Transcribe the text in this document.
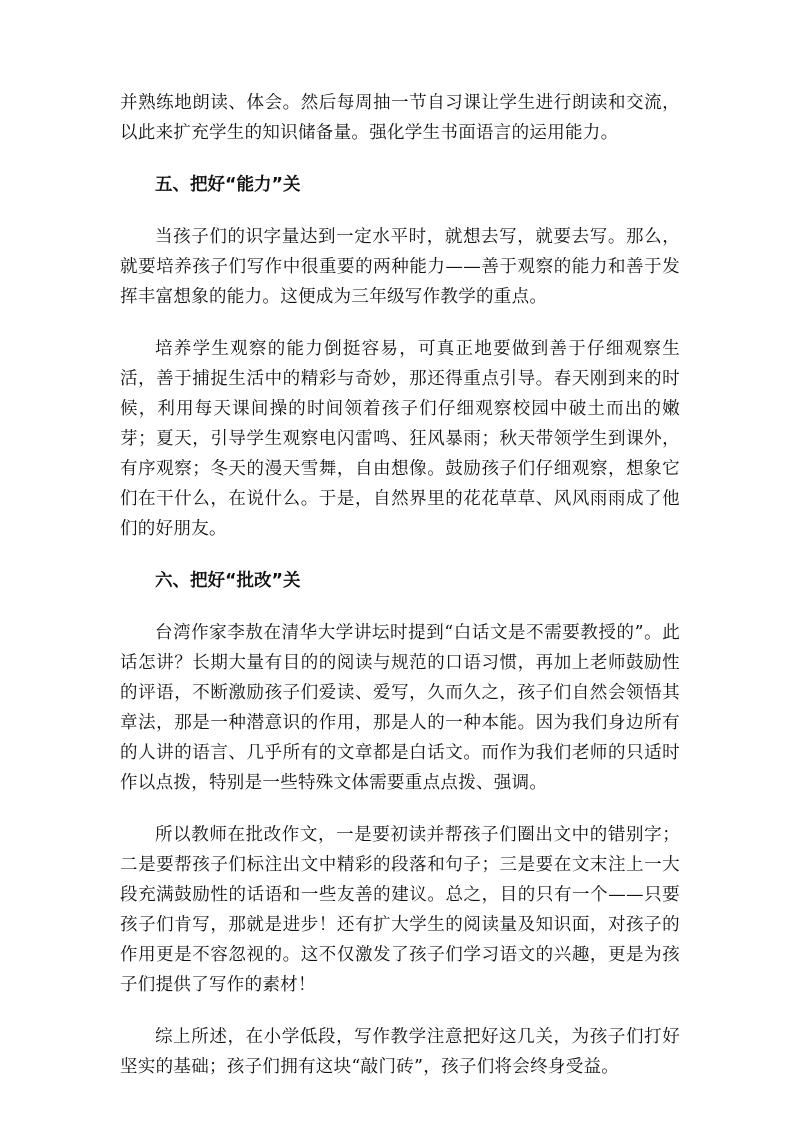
并熟练地朗读、体会。然后每周抽一节自习课让学生进行朗读和交流，以此来扩充学生的知识储备量。强化学生书面语言的运用能力。

五、把好“能力”关

当孩子们的识字量达到一定水平时，就想去写，就要去写。那么，就要培养孩子们写作中很重要的两种能力——善于观察的能力和善于发挥丰富想象的能力。这便成为三年级写作教学的重点。

培养学生观察的能力倒挺容易，可真正地要做到善于仔细观察生活，善于捕捉生活中的精彩与奇妙，那还得重点引导。春天刚到来的时候，利用每天课间操的时间领着孩子们仔细观察校园中破土而出的嫩芽；夏天，引导学生观察电闪雷鸣、狂风暴雨；秋天带领学生到课外，有序观察；冬天的漫天雪舞，自由想像。鼓励孩子们仔细观察，想象它们在干什么，在说什么。于是，自然界里的花花草草、风风雨雨成了他们的好朋友。

六、把好“批改”关

台湾作家李敖在清华大学讲坛时提到“白话文是不需要教授的”。此话怎讲？长期大量有目的的阅读与规范的口语习惯，再加上老师鼓励性的评语，不断激励孩子们爱读、爱写，久而久之，孩子们自然会领悟其章法，那是一种潜意识的作用，那是人的一种本能。因为我们身边所有的人讲的语言、几乎所有的文章都是白话文。而作为我们老师的只适时作以点拨，特别是一些特殊文体需要重点点拨、强调。

所以教师在批改作文，一是要初读并帮孩子们圈出文中的错别字；二是要帮孩子们标注出文中精彩的段落和句子；三是要在文末注上一大段充满鼓励性的话语和一些友善的建议。总之，目的只有一个——只要孩子们肯写，那就是进步！还有扩大学生的阅读量及知识面，对孩子的作用更是不容忽视的。这不仅激发了孩子们学习语文的兴趣，更是为孩子们提供了写作的素材！

综上所述，在小学低段，写作教学注意把好这几关，为孩子们打好坚实的基础；孩子们拥有这块“敲门砖”，孩子们将会终身受益。
